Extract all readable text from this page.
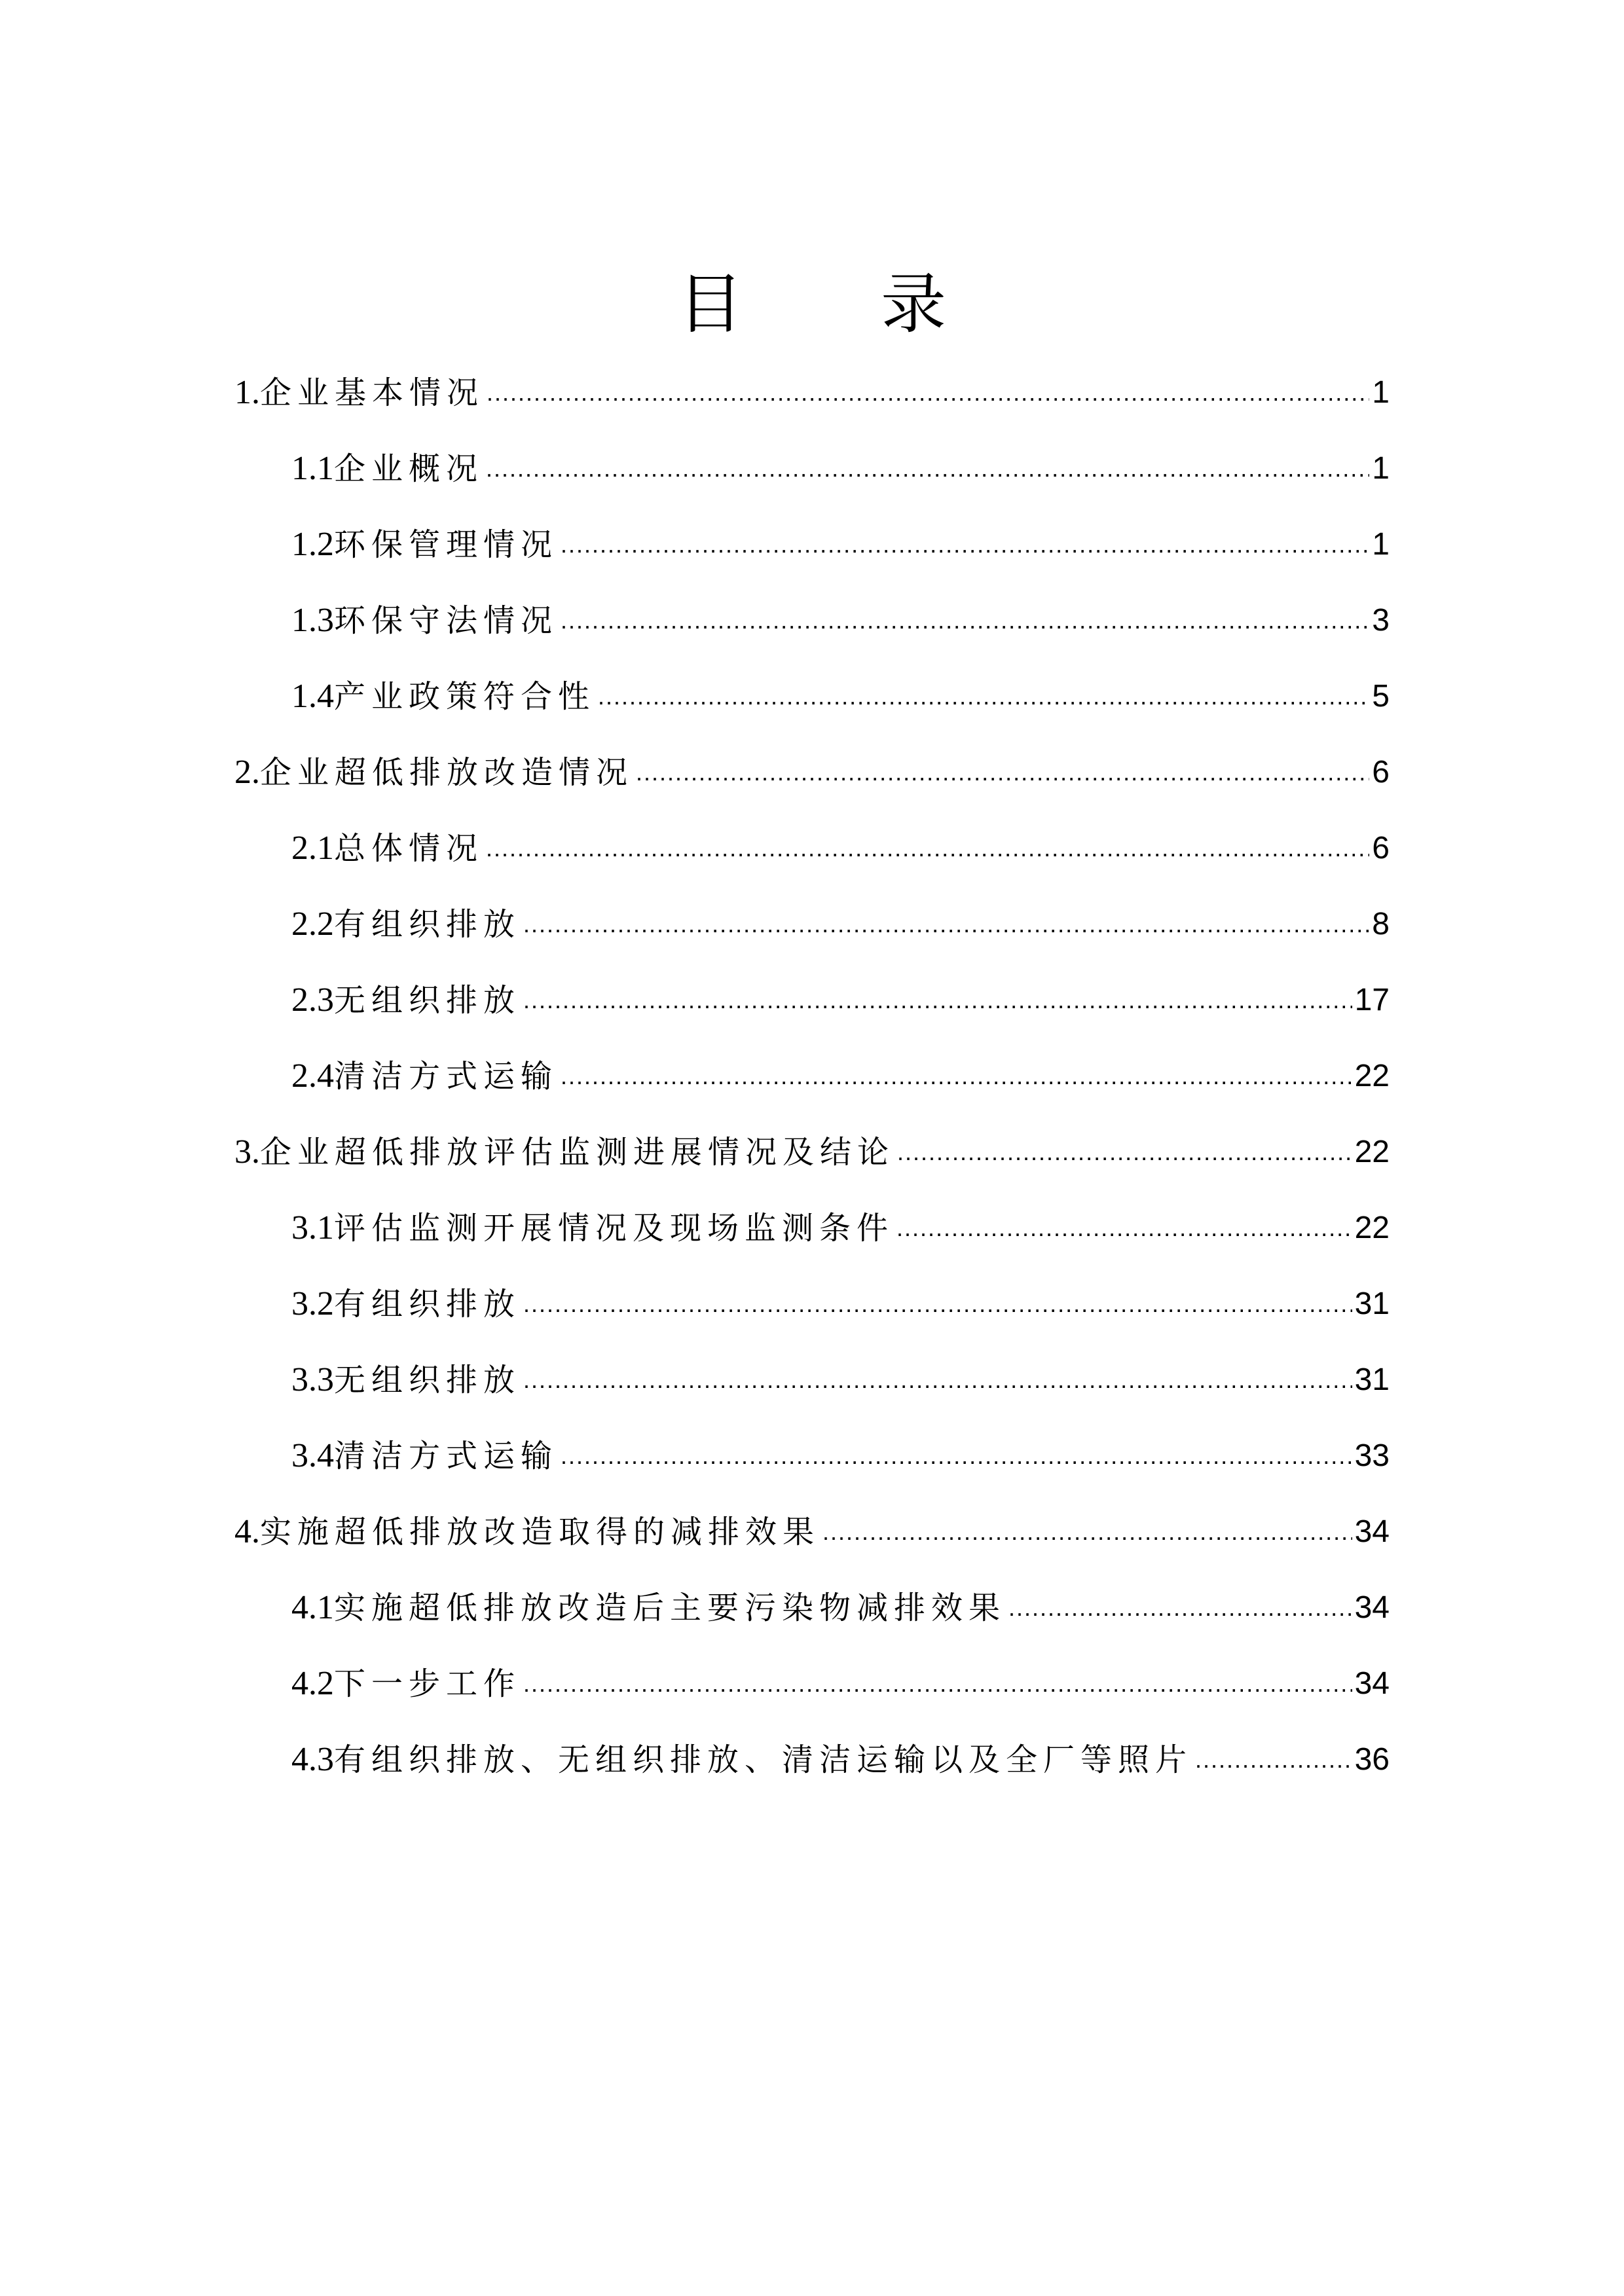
目录
1. 企业基本情况 .....	1
1.1 企业概况 .....	1
1.2 环保管理情况 .....	1
1.3 环保守法情况 .....	3
1.4 产业政策符合性 .....	5
2. 企业超低排放改造情况 .....	6
2.1 总体情况 .....	6
2.2 有组织排放 .....	8
2.3 无组织排放 .....	17
2.4 清洁方式运输 .....	22
3. 企业超低排放评估监测进展情况及结论 .....	22
3.1 评估监测开展情况及现场监测条件 .....	22
3.2 有组织排放 .....	31
3.3 无组织排放 .....	31
3.4 清洁方式运输 .....	33
4. 实施超低排放改造取得的减排效果 .....	34
4.1 实施超低排放改造后主要污染物减排效果 .....	34
4.2 下一步工作 .....	34
4.3 有组织排放、无组织排放、清洁运输以及全厂等照片 .....	36
